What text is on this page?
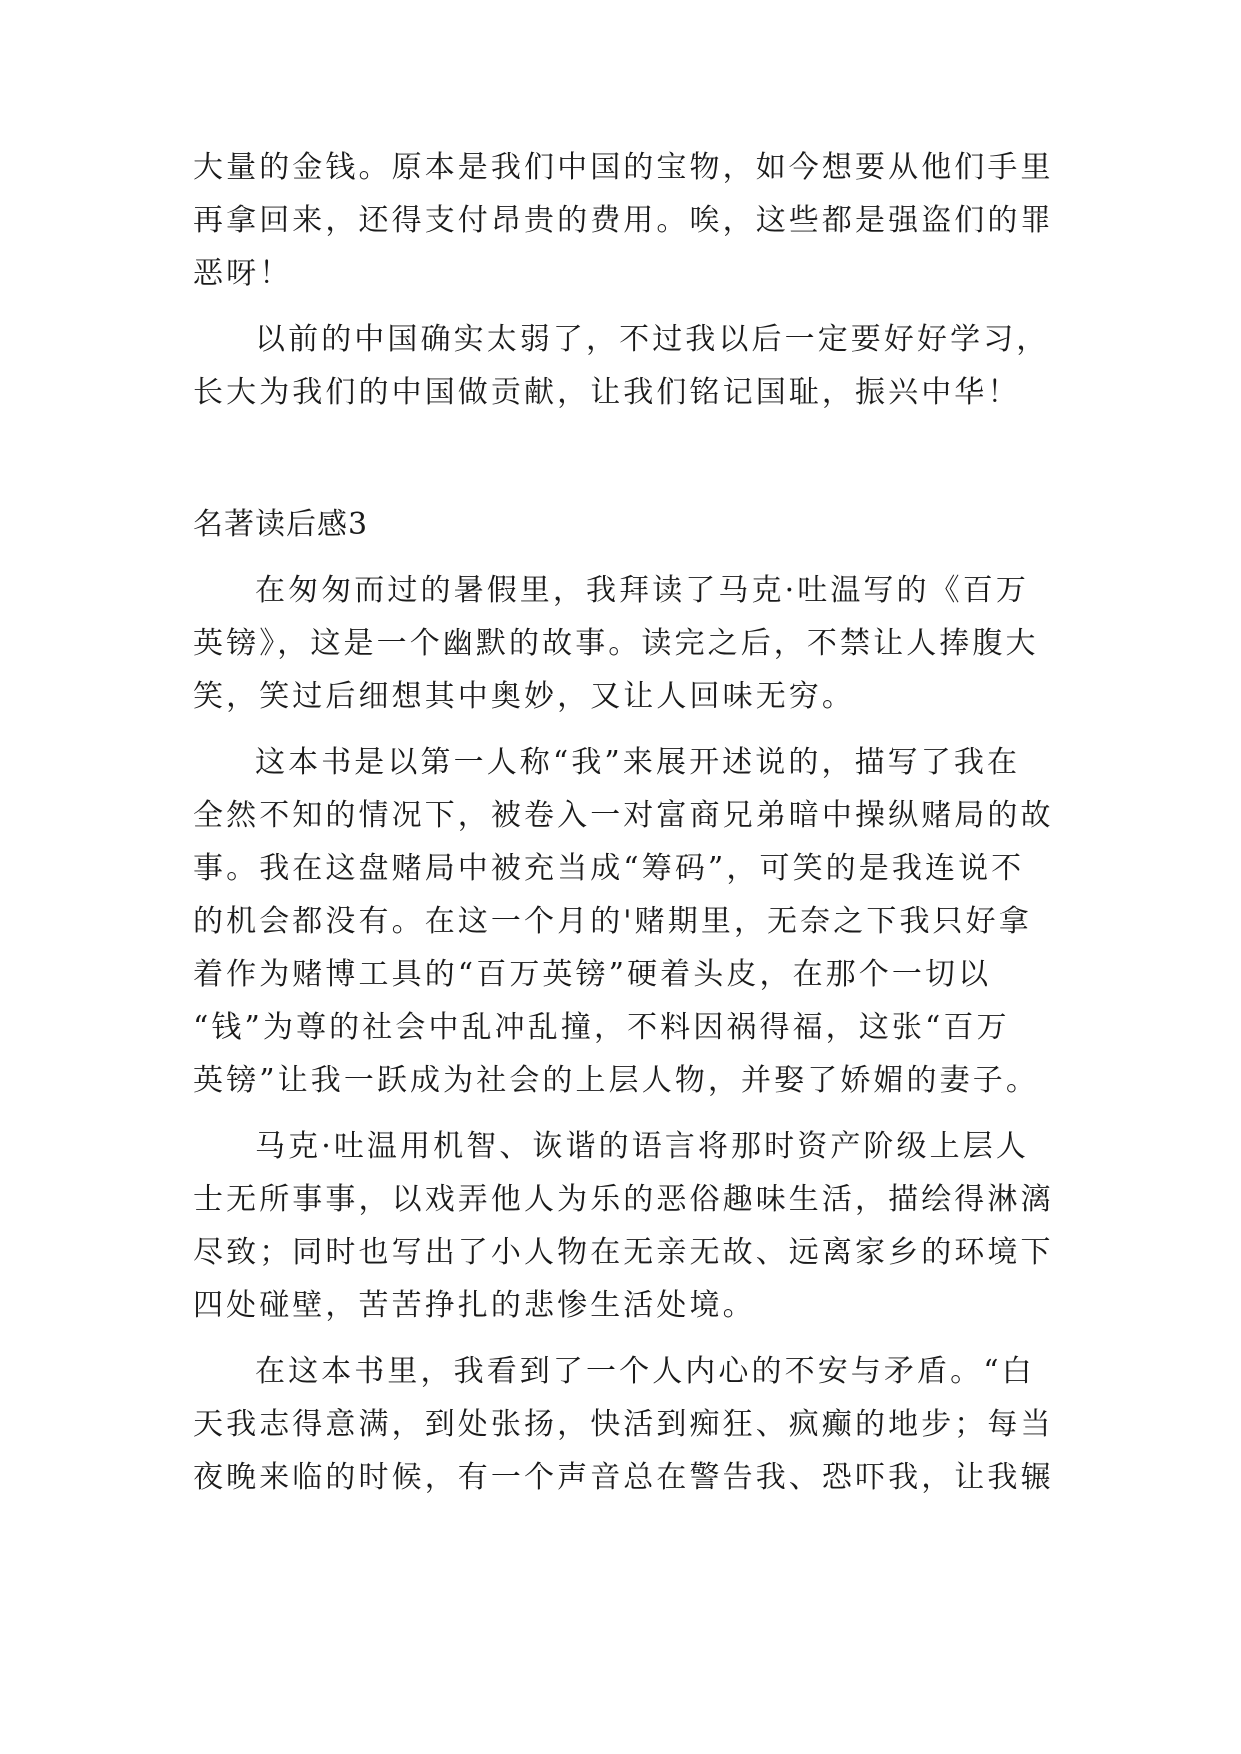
大量的金钱。原本是我们中国的宝物，如今想要从他们手里

再拿回来，还得支付昂贵的费用。唉，这些都是强盗们的罪

恶呀！

以前的中国确实太弱了，不过我以后一定要好好学习，

长大为我们的中国做贡献，让我们铭记国耻，振兴中华！

名著读后感3

在匆匆而过的暑假里，我拜读了马克·吐温写的《百万

英镑》，这是一个幽默的故事。读完之后，不禁让人捧腹大

笑，笑过后细想其中奥妙，又让人回味无穷。

这本书是以第一人称“我”来展开述说的，描写了我在

全然不知的情况下，被卷入一对富商兄弟暗中操纵赌局的故

事。我在这盘赌局中被充当成“筹码”，可笑的是我连说不

的机会都没有。在这一个月的'赌期里，无奈之下我只好拿

着作为赌博工具的“百万英镑”硬着头皮，在那个一切以

“钱”为尊的社会中乱冲乱撞，不料因祸得福，这张“百万

英镑”让我一跃成为社会的上层人物，并娶了娇媚的妻子。

马克·吐温用机智、诙谐的语言将那时资产阶级上层人

士无所事事，以戏弄他人为乐的恶俗趣味生活，描绘得淋漓

尽致；同时也写出了小人物在无亲无故、远离家乡的环境下

四处碰壁，苦苦挣扎的悲惨生活处境。

在这本书里，我看到了一个人内心的不安与矛盾。“白

天我志得意满，到处张扬，快活到痴狂、疯癫的地步；每当

夜晚来临的时候，有一个声音总在警告我、恐吓我，让我辗
